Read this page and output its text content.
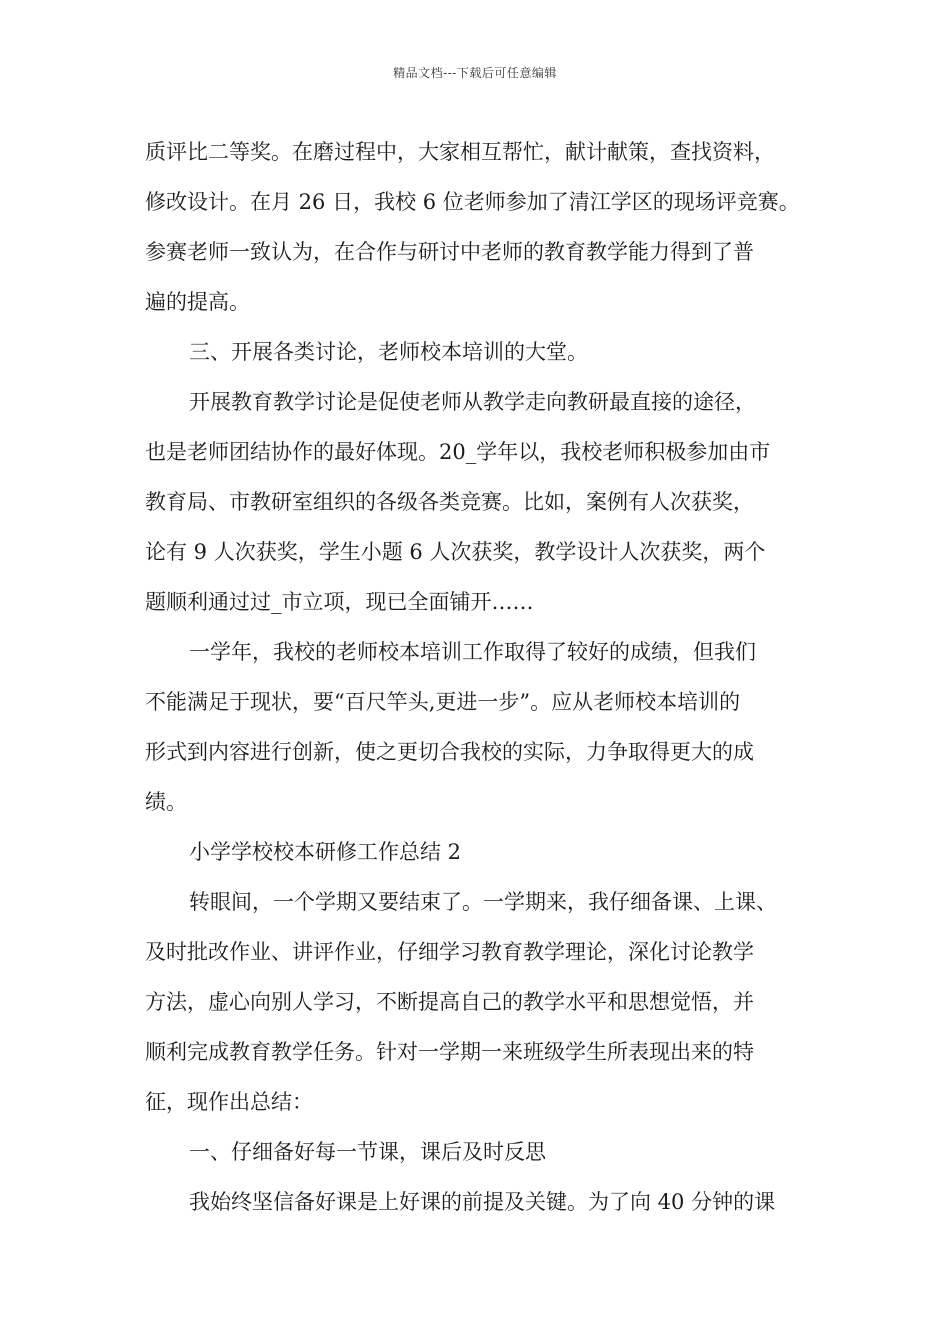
精品文档---下载后可任意编辑
质评比二等奖。在磨过程中，大家相互帮忙，献计献策，查找资料，
修改设计。在月 26 日，我校 6 位老师参加了清江学区的现场评竞赛。
参赛老师一致认为，在合作与研讨中老师的教育教学能力得到了普
遍的提高。
三、开展各类讨论，老师校本培训的大堂。
开展教育教学讨论是促使老师从教学走向教研最直接的途径，
也是老师团结协作的最好体现。20_学年以，我校老师积极参加由市
教育局、市教研室组织的各级各类竞赛。比如，案例有人次获奖，
论有 9 人次获奖，学生小题 6 人次获奖，教学设计人次获奖，两个
题顺利通过过_市立项，现已全面铺开……
一学年，我校的老师校本培训工作取得了较好的成绩，但我们
不能满足于现状，要“百尺竿头,更进一步”。应从老师校本培训的
形式到内容进行创新，使之更切合我校的实际，力争取得更大的成
绩。
小学学校校本研修工作总结 2
转眼间，一个学期又要结束了。一学期来，我仔细备课、上课、
及时批改作业、讲评作业，仔细学习教育教学理论，深化讨论教学
方法，虚心向别人学习，不断提高自己的教学水平和思想觉悟，并
顺利完成教育教学任务。针对一学期一来班级学生所表现出来的特
征，现作出总结：
一、仔细备好每一节课，课后及时反思
我始终坚信备好课是上好课的前提及关键。为了向 40 分钟的课
